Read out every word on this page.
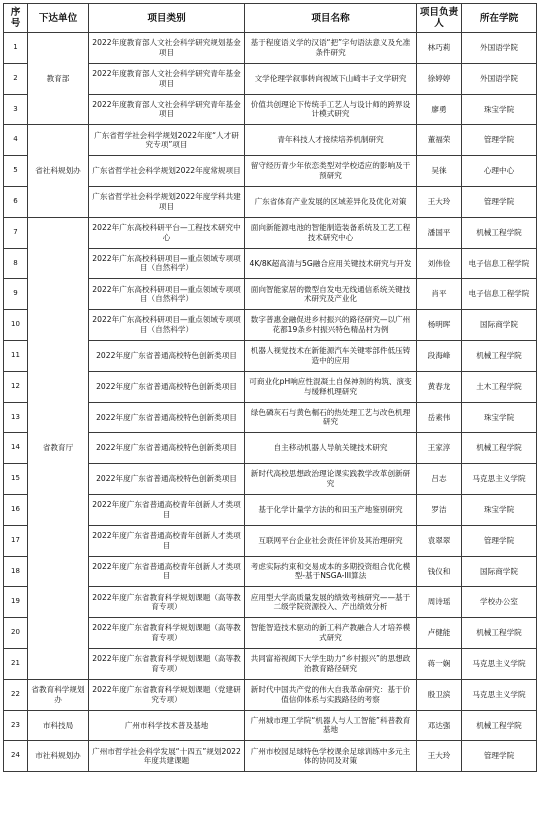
序号	下达单位	项目类别	项目名称	项目负责人	所在学院
1	教育部	2022年度教育部人文社会科学研究规划基金项目	基于程度语义学的汉语“把”字句语法意义及允准条件研究	林巧莉	外国语学院
2		2022年度教育部人文社会科学研究青年基金项目	文学伦理学叙事转向视域下山崎丰子文学研究	徐婷婷	外国语学院
3		2022年度教育部人文社会科学研究青年基金项目	价值共创理论下传统手工艺人与设计师的跨界设计模式研究	廖勇	珠宝学院
4	省社科规划办	广东省哲学社会科学规划2022年度“人才研究专项”项目	青年科技人才接续培养机制研究	董福荣	管理学院
5		广东省哲学社会科学规划2022年度常规项目	留守经历青少年依恋类型对学校适应的影响及干预研究	吴徕	心理中心
6		广东省哲学社会科学规划2022年度学科共建项目	广东省体育产业发展的区域差异化及优化对策	王大玲	管理学院
7	省教育厅	2022年广东高校科研平台—工程技术研究中心	面向新能源电池的智能制造装备系统及工艺工程技术研究中心	潘国平	机械工程学院
8		2022年广东高校科研项目—重点领域专项项目（自然科学）	4K/8K超高清与5G融合应用关键技术研究与开发	刘伟俭	电子信息工程学院
9		2022年广东高校科研项目—重点领域专项项目（自然科学）	面向智能家居的微型自发电无线通信系统关键技术研究及产业化	肖平	电子信息工程学院
10		2022年广东高校科研项目—重点领域专项项目（自然科学）	数字普惠金融促进乡村振兴的路径研究—以广州花都19条乡村振兴特色精品村为例	杨明晖	国际商学院
11		2022年度广东省普通高校特色创新类项目	机器人视觉技术在新能源汽车关键零部件低压铸造中的应用	段海峰	机械工程学院
12		2022年度广东省普通高校特色创新类项目	可商业化pH响应性混凝土自保神剂的构筑、演变与缓释机理研究	黄春龙	土木工程学院
13		2022年度广东省普通高校特色创新类项目	绿色磷灰石与黄色榍石的热处理工艺与改色机理研究	岳素伟	珠宝学院
14		2022年度广东省普通高校特色创新类项目	自主移动机器人导航关键技术研究	王家淳	机械工程学院
15		2022年度广东省普通高校特色创新类项目	新时代高校思想政治理论课实践教学改革创新研究	吕志	马克思主义学院
16		2022年度广东省普通高校青年创新人才类项目	基于化学计量学方法的和田玉产地鉴别研究	罗洁	珠宝学院
17		2022年度广东省普通高校青年创新人才类项目	互联网平台企业社会责任评价及其治理研究	袁翠翠	管理学院
18		2022年度广东省普通高校青年创新人才类项目	考虑实际约束和交易成本的多期投资组合优化模型-基于NSGA-III算法	钱仪和	国际商学院
19		2022年度广东省教育科学规划课题（高等教育专项）	应用型大学高质量发展的绩效考核研究——基于二级学院资源投入、产出绩效分析	周诗瑶	学校办公室
20		2022年度广东省教育科学规划课题（高等教育专项）	智能智造技术驱动的新工科产教融合人才培养模式研究	卢健能	机械工程学院
21		2022年度广东省教育科学规划课题（高等教育专项）	共同富裕视阈下大学生助力“乡村振兴”的思想政治教育路径研究	蒋一娴	马克思主义学院
22	省教育科学规划办	2022年度广东省教育科学规划课题（党建研究专项）	新时代中国共产党的伟大自我革命研究：基于价值信仰体系与实践路径的考察	殷卫滨	马克思主义学院
23	市科技局	广州市科学技术普及基地	广州城市理工学院“机器人与人工智能”科普教育基地	邓达强	机械工程学院
24	市社科规划办	广州市哲学社会科学发展“十四五”规划2022年度共建课题	广州市校园足球特色学校课余足球训练中多元主体的协同及对策	王大玲	管理学院
